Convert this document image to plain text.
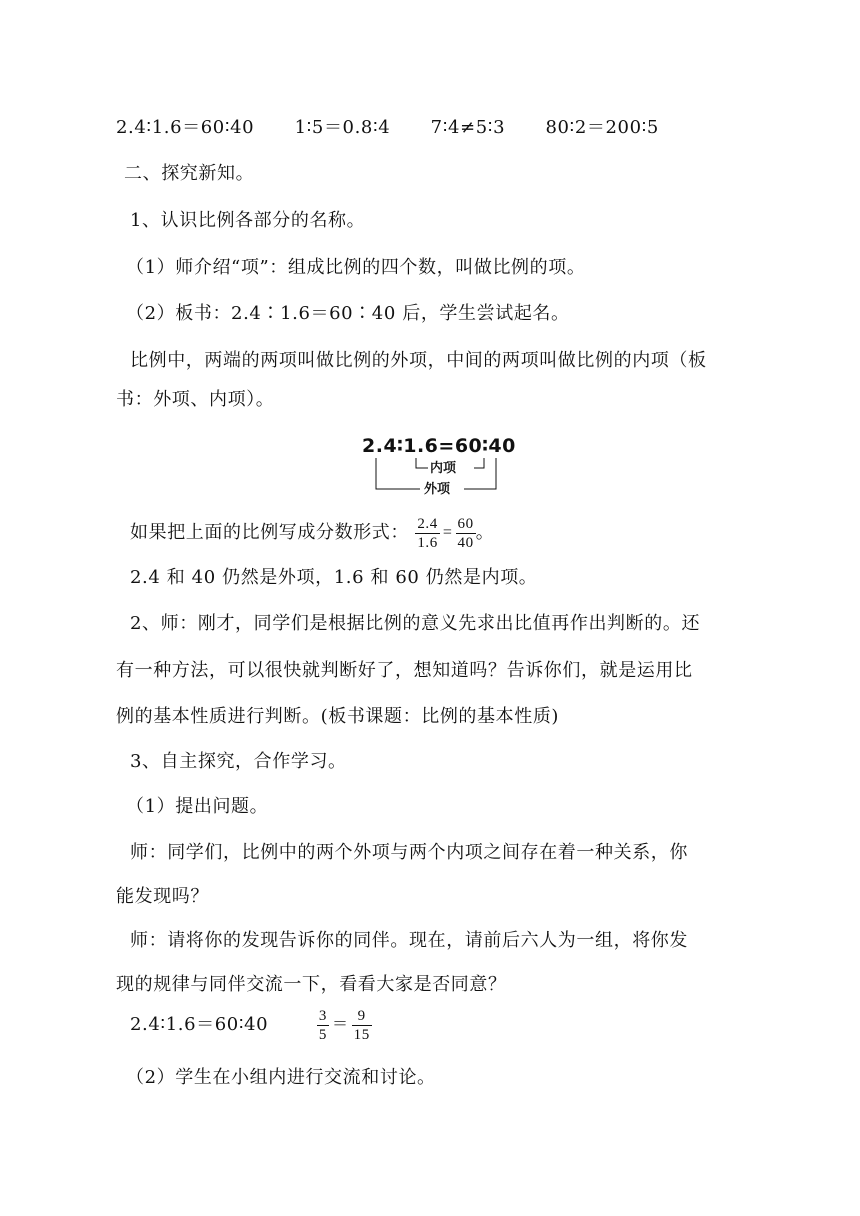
2.4∶1.6＝60∶40 1∶5＝0.8∶4 7∶4≠5∶3 80∶2＝200∶5
二、探究新知。
1、认识比例各部分的名称。
（1）师介绍“项”：组成比例的四个数，叫做比例的项。
（2）板书：2.4∶1.6＝60∶40 后，学生尝试起名。
比例中，两端的两项叫做比例的外项，中间的两项叫做比例的内项（板
书：外项、内项）。
2.4∶1.6=60∶40
内项
外项
如果把上面的比例写成分数形式： $\frac{2.4}{1.6} = \frac{60}{40}$ 。
2.4 和 40 仍然是外项，1.6 和 60 仍然是内项。
2、师：刚才，同学们是根据比例的意义先求出比值再作出判断的。还
有一种方法，可以很快就判断好了，想知道吗？告诉你们，就是运用比
例的基本性质进行判断。(板书课题：比例的基本性质)
3、自主探究，合作学习。
（1）提出问题。
师：同学们，比例中的两个外项与两个内项之间存在着一种关系，你
能发现吗？
师：请将你的发现告诉你的同伴。现在，请前后六人为一组，将你发
现的规律与同伴交流一下，看看大家是否同意？
2.4∶1.6＝60∶40	$\frac{3}{5} = \frac{9}{15}$
（2）学生在小组内进行交流和讨论。
